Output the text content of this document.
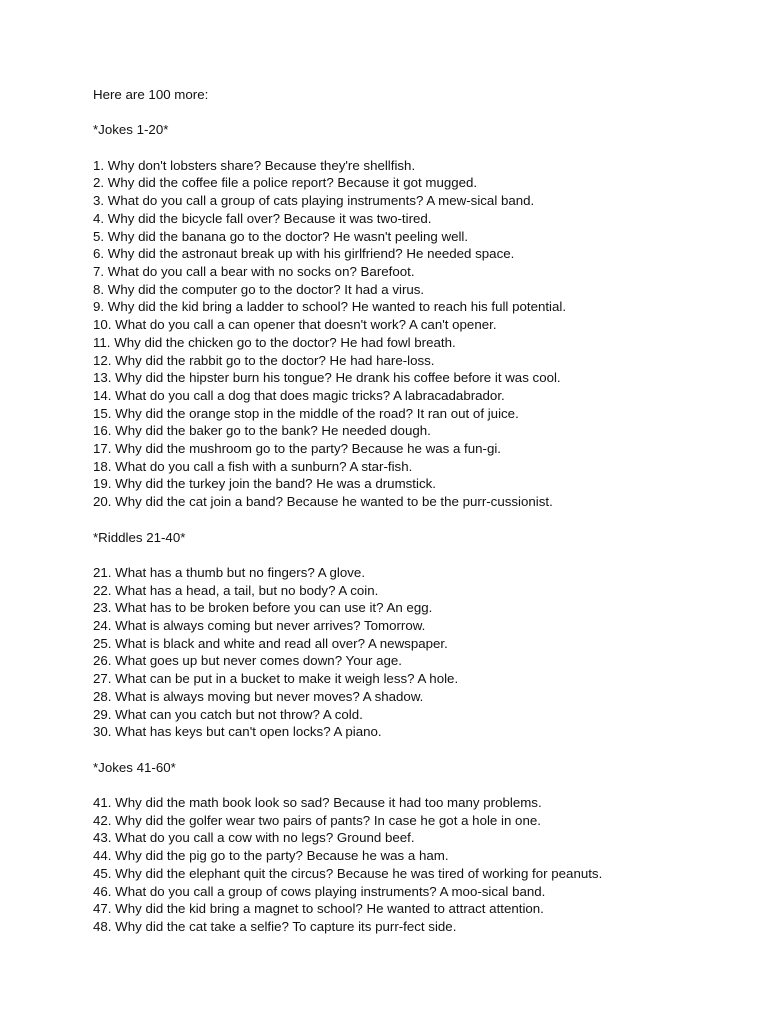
Here are 100 more:

*Jokes 1-20*

1. Why don't lobsters share? Because they're shellfish.

2. Why did the coffee file a police report? Because it got mugged.

3. What do you call a group of cats playing instruments? A mew-sical band.

4. Why did the bicycle fall over? Because it was two-tired.

5. Why did the banana go to the doctor? He wasn't peeling well.

6. Why did the astronaut break up with his girlfriend? He needed space.

7. What do you call a bear with no socks on? Barefoot.

8. Why did the computer go to the doctor? It had a virus.

9. Why did the kid bring a ladder to school? He wanted to reach his full potential.

10. What do you call a can opener that doesn't work? A can't opener.

11. Why did the chicken go to the doctor? He had fowl breath.

12. Why did the rabbit go to the doctor? He had hare-loss.

13. Why did the hipster burn his tongue? He drank his coffee before it was cool.

14. What do you call a dog that does magic tricks? A labracadabrador.

15. Why did the orange stop in the middle of the road? It ran out of juice.

16. Why did the baker go to the bank? He needed dough.

17. Why did the mushroom go to the party? Because he was a fun-gi.

18. What do you call a fish with a sunburn? A star-fish.

19. Why did the turkey join the band? He was a drumstick.

20. Why did the cat join a band? Because he wanted to be the purr-cussionist.

*Riddles 21-40*

21. What has a thumb but no fingers? A glove.

22. What has a head, a tail, but no body? A coin.

23. What has to be broken before you can use it? An egg.

24. What is always coming but never arrives? Tomorrow.

25. What is black and white and read all over? A newspaper.

26. What goes up but never comes down? Your age.

27. What can be put in a bucket to make it weigh less? A hole.

28. What is always moving but never moves? A shadow.

29. What can you catch but not throw? A cold.

30. What has keys but can't open locks? A piano.

*Jokes 41-60*

41. Why did the math book look so sad? Because it had too many problems.

42. Why did the golfer wear two pairs of pants? In case he got a hole in one.

43. What do you call a cow with no legs? Ground beef.

44. Why did the pig go to the party? Because he was a ham.

45. Why did the elephant quit the circus? Because he was tired of working for peanuts.

46. What do you call a group of cows playing instruments? A moo-sical band.

47. Why did the kid bring a magnet to school? He wanted to attract attention.

48. Why did the cat take a selfie? To capture its purr-fect side.
